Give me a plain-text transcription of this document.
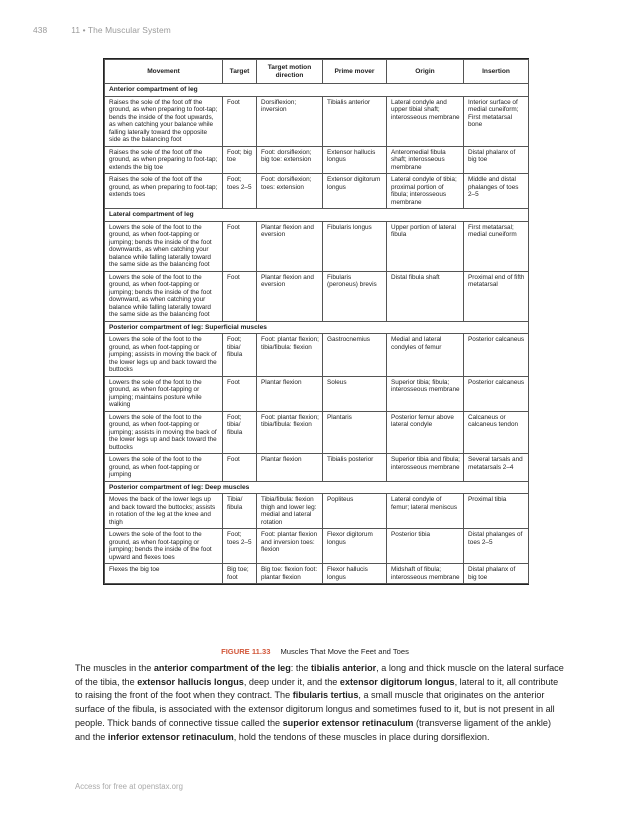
438	11 • The Muscular System
Movement	Target	Target motion direction	Prime mover	Origin	Insertion
Anterior compartment of leg					
Raises the sole of the foot off the ground, as when preparing to foot-tap; bends the inside of the foot upwards, as when catching your balance while falling laterally toward the opposite side as the balancing foot	Foot	Dorsiflexion; inversion	Tibialis anterior	Lateral condyle and upper tibial shaft; interosseous membrane	Interior surface of medial cuneiform; First metatarsal bone
Raises the sole of the foot off the ground, as when preparing to foot-tap; extends the big toe	Foot; big toe	Foot: dorsiflexion; big toe: extension	Extensor hallucis longus	Anteromedial fibula shaft; interosseous membrane	Distal phalanx of big toe
Raises the sole of the foot off the ground, as when preparing to foot-tap; extends toes	Foot; toes 2–5	Foot: dorsiflexion; toes: extension	Extensor digitorum longus	Lateral condyle of tibia; proximal portion of fibula; interosseous membrane	Middle and distal phalanges of toes 2–5
Lateral compartment of leg					
Lowers the sole of the foot to the ground, as when foot-tapping or jumping; bends the inside of the foot downwards, as when catching your balance while falling laterally toward the same side as the balancing foot	Foot	Plantar flexion and eversion	Fibularis longus	Upper portion of lateral fibula	First metatarsal; medial cuneiform
Lowers the sole of the foot to the ground, as when foot-tapping or jumping; bends the inside of the foot downward, as when catching your balance while falling laterally toward the same side as the balancing foot	Foot	Plantar flexion and eversion	Fibularis (peroneus) brevis	Distal fibula shaft	Proximal end of fifth metatarsal
Posterior compartment of leg: Superficial muscles					
Lowers the sole of the foot to the ground, as when foot-tapping or jumping; assists in moving the back of the lower legs up and back toward the buttocks	Foot; tibia/ fibula	Foot: plantar flexion; tibia/fibula: flexion	Gastrocnemius	Medial and lateral condyles of femur	Posterior calcaneus
Lowers the sole of the foot to the ground, as when foot-tapping or jumping; maintains posture while walking	Foot	Plantar flexion	Soleus	Superior tibia; fibula; interosseous membrane	Posterior calcaneus
Lowers the sole of the foot to the ground, as when foot-tapping or jumping; assists in moving the back of the lower legs up and back toward the buttocks	Foot; tibia/ fibula	Foot: plantar flexion; tibia/fibula: flexion	Plantaris	Posterior femur above lateral condyle	Calcaneus or calcaneus tendon
Lowers the sole of the foot to the ground, as when foot-tapping or jumping	Foot	Plantar flexion	Tibialis posterior	Superior tibia and fibula; interosseous membrane	Several tarsals and metatarsals 2–4
Posterior compartment of leg: Deep muscles					
Moves the back of the lower legs up and back toward the buttocks; assists in rotation of the leg at the knee and thigh	Tibia/ fibula	Tibia/fibula: flexion thigh and lower leg: medial and lateral rotation	Popliteus	Lateral condyle of femur; lateral meniscus	Proximal tibia
Lowers the sole of the foot to the ground, as when foot-tapping or jumping; bends the inside of the foot upward and flexes toes	Foot; toes 2–5	Foot: plantar flexion and inversion toes: flexion	Flexor digitorum longus	Posterior tibia	Distal phalanges of toes 2–5
Flexes the big toe	Big toe; foot	Big toe: flexion foot: plantar flexion	Flexor hallucis longus	Midshaft of fibula; interosseous membrane	Distal phalanx of big toe
FIGURE 11.33 Muscles That Move the Feet and Toes
The muscles in the anterior compartment of the leg: the tibialis anterior, a long and thick muscle on the lateral surface of the tibia, the extensor hallucis longus, deep under it, and the extensor digitorum longus, lateral to it, all contribute to raising the front of the foot when they contract. The fibularis tertius, a small muscle that originates on the anterior surface of the fibula, is associated with the extensor digitorum longus and sometimes fused to it, but is not present in all people. Thick bands of connective tissue called the superior extensor retinaculum (transverse ligament of the ankle) and the inferior extensor retinaculum, hold the tendons of these muscles in place during dorsiflexion.
Access for free at openstax.org
